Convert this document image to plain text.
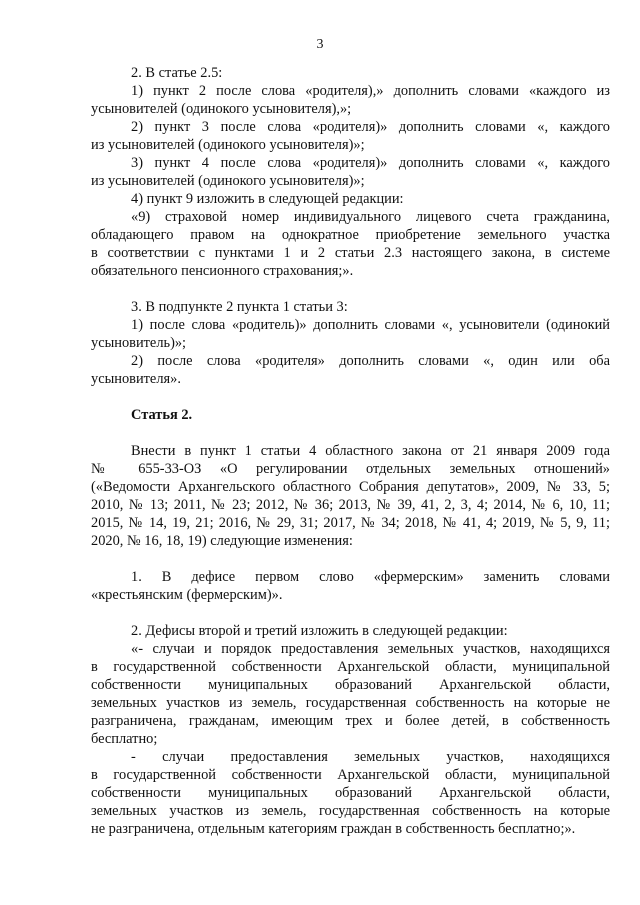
3
2. В статье 2.5:
1) пункт 2 после слова «родителя),» дополнить словами «каждого из
усыновителей (одинокого усыновителя),»;
2) пункт 3 после слова «родителя)» дополнить словами «, каждого
из усыновителей (одинокого усыновителя)»;
3) пункт 4 после слова «родителя)» дополнить словами «, каждого
из усыновителей (одинокого усыновителя)»;
4) пункт 9 изложить в следующей редакции:
«9) страховой номер индивидуального лицевого счета гражданина,
обладающего правом на однократное приобретение земельного участка
в соответствии с пунктами 1 и 2 статьи 2.3 настоящего закона, в системе
обязательного пенсионного страхования;».
3. В подпункте 2 пункта 1 статьи 3:
1) после слова «родитель)» дополнить словами «, усыновители (одинокий
усыновитель)»;
2) после слова «родителя» дополнить словами «, один или оба
усыновителя».
Статья 2.
Внести в пункт 1 статьи 4 областного закона от 21 января 2009 года
№ 655-33-ОЗ «О регулировании отдельных земельных отношений»
(«Ведомости Архангельского областного Собрания депутатов», 2009, № 33, 5;
2010, № 13; 2011, № 23; 2012, № 36; 2013, № 39, 41, 2, 3, 4; 2014, № 6, 10, 11;
2015, № 14, 19, 21; 2016, № 29, 31; 2017, № 34; 2018, № 41, 4; 2019, № 5, 9, 11;
2020, № 16, 18, 19) следующие изменения:
1. В дефисе первом слово «фермерским» заменить словами
«крестьянским (фермерским)».
2. Дефисы второй и третий изложить в следующей редакции:
«- случаи и порядок предоставления земельных участков, находящихся
в государственной собственности Архангельской области, муниципальной
собственности муниципальных образований Архангельской области,
земельных участков из земель, государственная собственность на которые не
разграничена, гражданам, имеющим трех и более детей, в собственность
бесплатно;
- случаи предоставления земельных участков, находящихся
в государственной собственности Архангельской области, муниципальной
собственности муниципальных образований Архангельской области,
земельных участков из земель, государственная собственность на которые
не разграничена, отдельным категориям граждан в собственность бесплатно;».
